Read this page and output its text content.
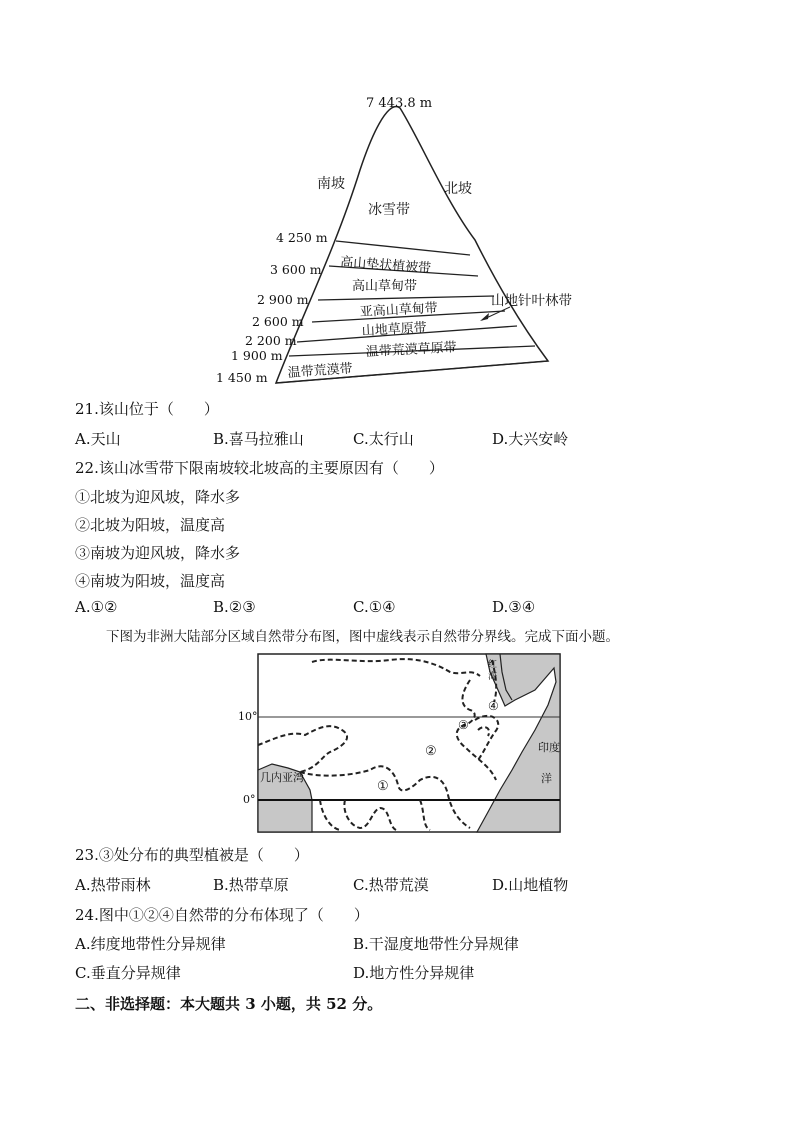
7 443.8 m
南坡	北坡
冰雪带
高山垫状植被带
高山草甸带
亚高山草甸带
山地草原带
温带荒漠草原带
温带荒漠带
4 250 m
3 600 m
2 900 m
2 600 m
2 200 m
1 900 m
1 450 m
山地针叶林带
21.该山位于（　　）
A.天山	B.喜马拉雅山	C.太行山	D.大兴安岭
22.该山冰雪带下限南坡较北坡高的主要原因有（　　）
①北坡为迎风坡，降水多
②北坡为阳坡，温度高
③南坡为迎风坡，降水多
④南坡为阳坡，温度高
A.①②	B.②③	C.①④	D.③④
下图为非洲大陆部分区域自然带分布图，图中虚线表示自然带分界线。完成下面小题。
10°
0°
几内亚湾
印度
洋
红
海
①
②
③
④
23.③处分布的典型植被是（　　）
A.热带雨林	B.热带草原	C.热带荒漠	D.山地植物
24.图中①②④自然带的分布体现了（　　）
A.纬度地带性分异规律	B.干湿度地带性分异规律
C.垂直分异规律	D.地方性分异规律
二、非选择题：本大题共 3 小题，共 52 分。
